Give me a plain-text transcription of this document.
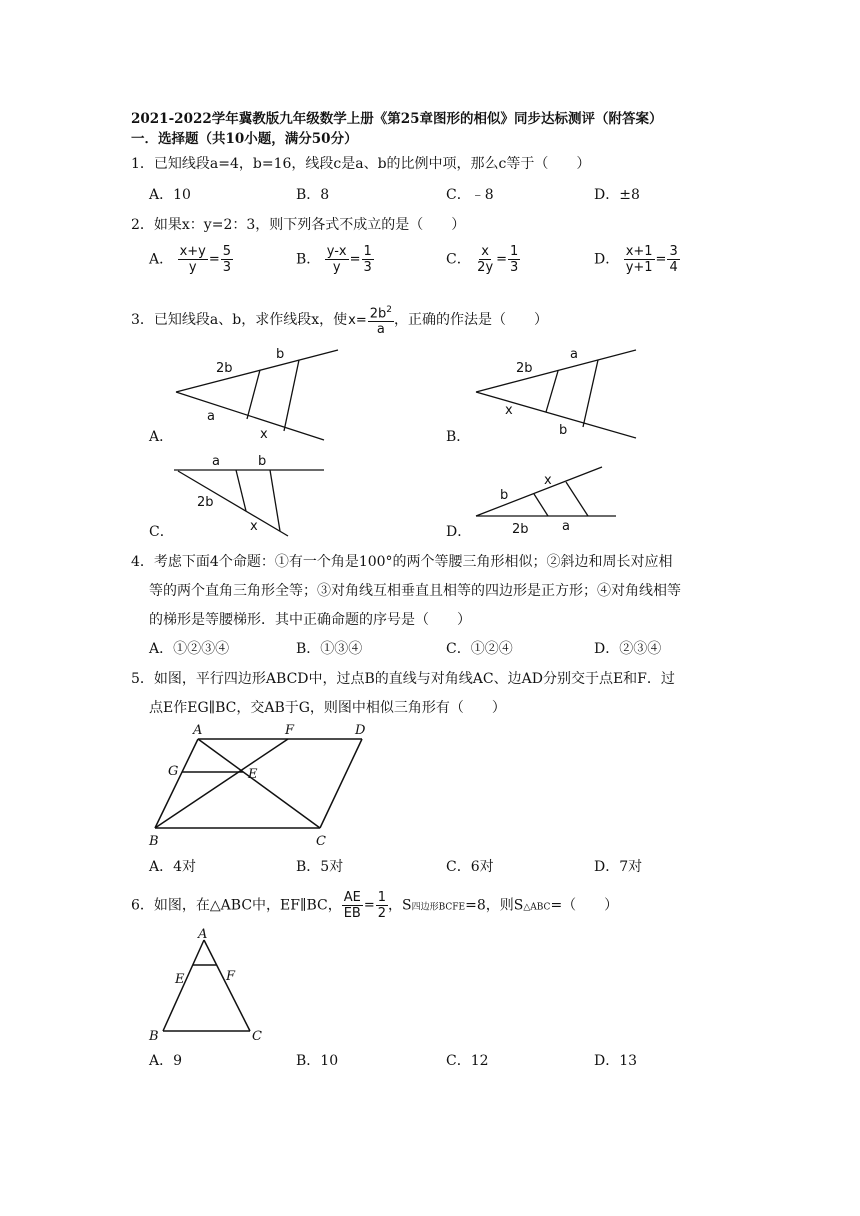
2021-2022学年冀教版九年级数学上册《第25章图形的相似》同步达标测评（附答案）
一．选择题（共10小题，满分50分）
1．已知线段a=4，b=16，线段c是a、b的比例中项，那么c等于（　　）
A．10	B．8	C．﹣8	D．±8
2．如果x：y=2：3，则下列各式不成立的是（　　）
A． $\frac{x+y}{y} = \frac{5}{3}$	B． $\frac{y-x}{y} = \frac{1}{3}$	C． $\frac{x}{2y} = \frac{1}{3}$	D． $\frac{x+1}{y+1} = \frac{3}{4}$
3．已知线段a、b，求作线段x，使$x= \frac{2b^2}{a}$ ，正确的作法是（　　）
A．
2b
b
a
x	B．
2b
a
x
b
C．
a	b
2b
x	D．
b
x
2b	a
4．考虑下面4个命题：①有一个角是100°的两个等腰三角形相似；②斜边和周长对应相
等的两个直角三角形全等；③对角线互相垂直且相等的四边形是正方形；④对角线相等
的梯形是等腰梯形．其中正确命题的序号是（　　）
A．①②③④	B．①③④	C．①②④	D．②③④
5．如图，平行四边形ABCD中，过点B的直线与对角线AC、边AD分别交于点E和F．过
点E作EG∥BC，交AB于G，则图中相似三角形有（　　）
A	F	D
G	E
B	C
A．4对	B．5对	C．6对	D．7对
6．如图，在△ABC中，EF∥BC， $\frac{AE}{EB} = \frac{1}{2}$ ，S四边形BCFE=8，则S△ABC=（　　）
A
E	F
B	C
A．9	B．10	C．12	D．13
